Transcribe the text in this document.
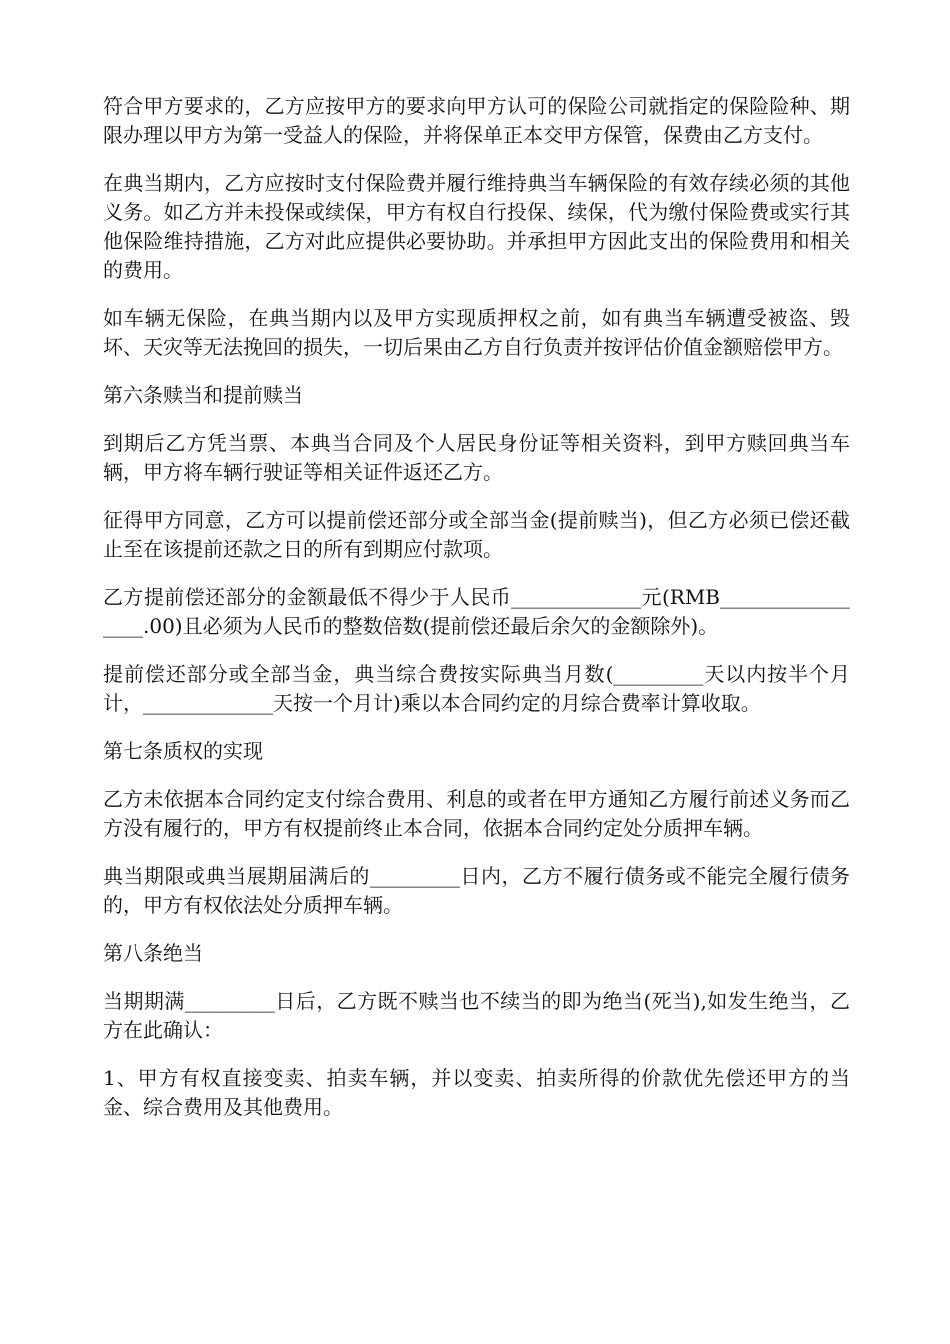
符合甲方要求的，乙方应按甲方的要求向甲方认可的保险公司就指定的保险险种、期限办理以甲方为第一受益人的保险，并将保单正本交甲方保管，保费由乙方支付。

在典当期内，乙方应按时支付保险费并履行维持典当车辆保险的有效存续必须的其他义务。如乙方并未投保或续保，甲方有权自行投保、续保，代为缴付保险费或实行其他保险维持措施，乙方对此应提供必要协助。并承担甲方因此支出的保险费用和相关的费用。

如车辆无保险，在典当期内以及甲方实现质押权之前，如有典当车辆遭受被盗、毁坏、天灾等无法挽回的损失，一切后果由乙方自行负责并按评估价值金额赔偿甲方。

第六条赎当和提前赎当

到期后乙方凭当票、本典当合同及个人居民身份证等相关资料，到甲方赎回典当车辆，甲方将车辆行驶证等相关证件返还乙方。

征得甲方同意，乙方可以提前偿还部分或全部当金(提前赎当)，但乙方必须已偿还截止至在该提前还款之日的所有到期应付款项。

乙方提前偿还部分的金额最低不得少于人民币_____________元(RMB_________________.00)且必须为人民币的整数倍数(提前偿还最后余欠的金额除外)。

提前偿还部分或全部当金，典当综合费按实际典当月数(_________天以内按半个月计，_____________天按一个月计)乘以本合同约定的月综合费率计算收取。

第七条质权的实现

乙方未依据本合同约定支付综合费用、利息的或者在甲方通知乙方履行前述义务而乙方没有履行的，甲方有权提前终止本合同，依据本合同约定处分质押车辆。

典当期限或典当展期届满后的_________日内，乙方不履行债务或不能完全履行债务的，甲方有权依法处分质押车辆。

第八条绝当

当期期满_________日后，乙方既不赎当也不续当的即为绝当(死当),如发生绝当，乙方在此确认：

1、甲方有权直接变卖、拍卖车辆，并以变卖、拍卖所得的价款优先偿还甲方的当金、综合费用及其他费用。
